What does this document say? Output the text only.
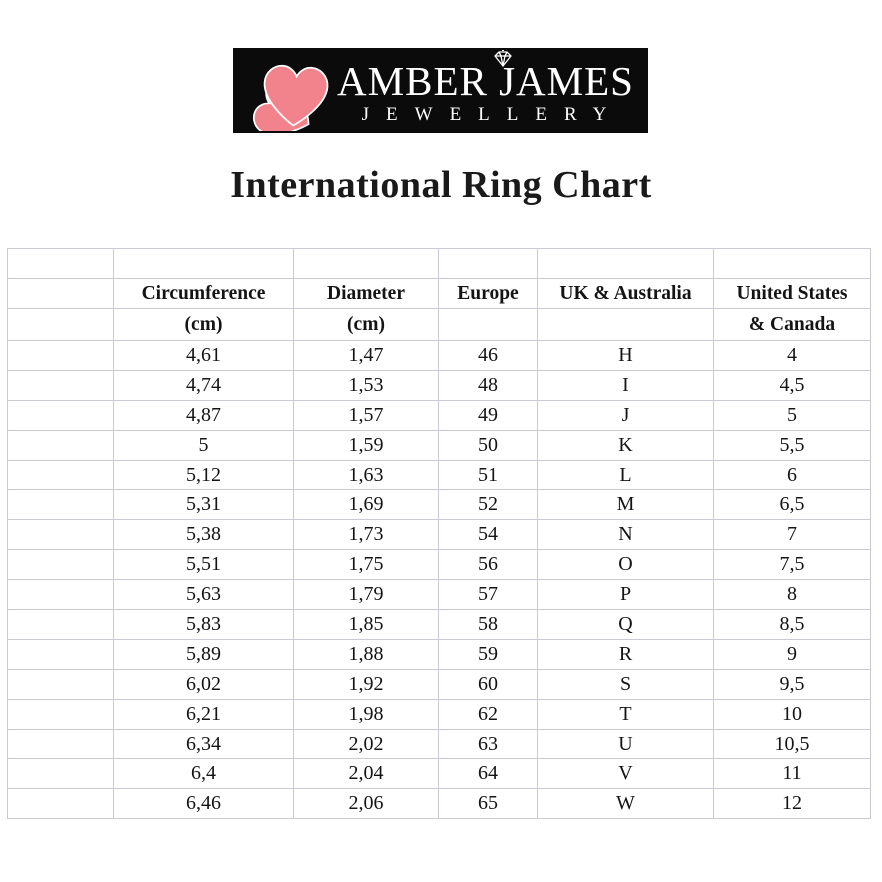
AMBER JAMES
JEWELLERY
International Ring Chart

	Circumference	Diameter	Europe	UK & Australia	United States
	(cm)	(cm)			& Canada
	4,61	1,47	46	H	4
	4,74	1,53	48	I	4,5
	4,87	1,57	49	J	5
	5	1,59	50	K	5,5
	5,12	1,63	51	L	6
	5,31	1,69	52	M	6,5
	5,38	1,73	54	N	7
	5,51	1,75	56	O	7,5
	5,63	1,79	57	P	8
	5,83	1,85	58	Q	8,5
	5,89	1,88	59	R	9
	6,02	1,92	60	S	9,5
	6,21	1,98	62	T	10
	6,34	2,02	63	U	10,5
	6,4	2,04	64	V	11
	6,46	2,06	65	W	12
